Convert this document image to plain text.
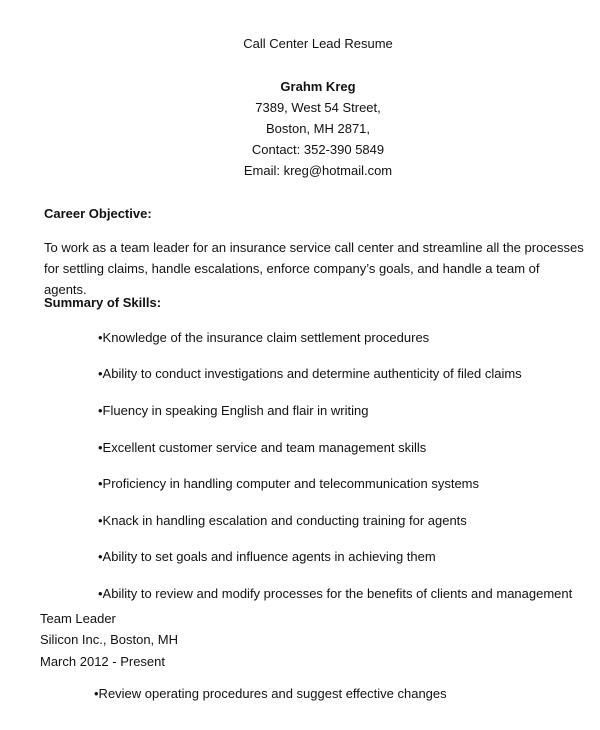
Call Center Lead Resume
Grahm Kreg
7389, West 54 Street,
Boston, MH 2871,
Contact: 352-390 5849
Email: kreg@hotmail.com
Career Objective:
To work as a team leader for an insurance service call center and streamline all the processes for settling claims, handle escalations, enforce company’s goals, and handle a team of agents.
Summary of Skills:
•Knowledge of the insurance claim settlement procedures
•Ability to conduct investigations and determine authenticity of filed claims
•Fluency in speaking English and flair in writing
•Excellent customer service and team management skills
•Proficiency in handling computer and telecommunication systems
•Knack in handling escalation and conducting training for agents
•Ability to set goals and influence agents in achieving them
•Ability to review and modify processes for the benefits of clients and management
Team Leader
Silicon Inc., Boston, MH
March 2012 - Present
•Review operating procedures and suggest effective changes
